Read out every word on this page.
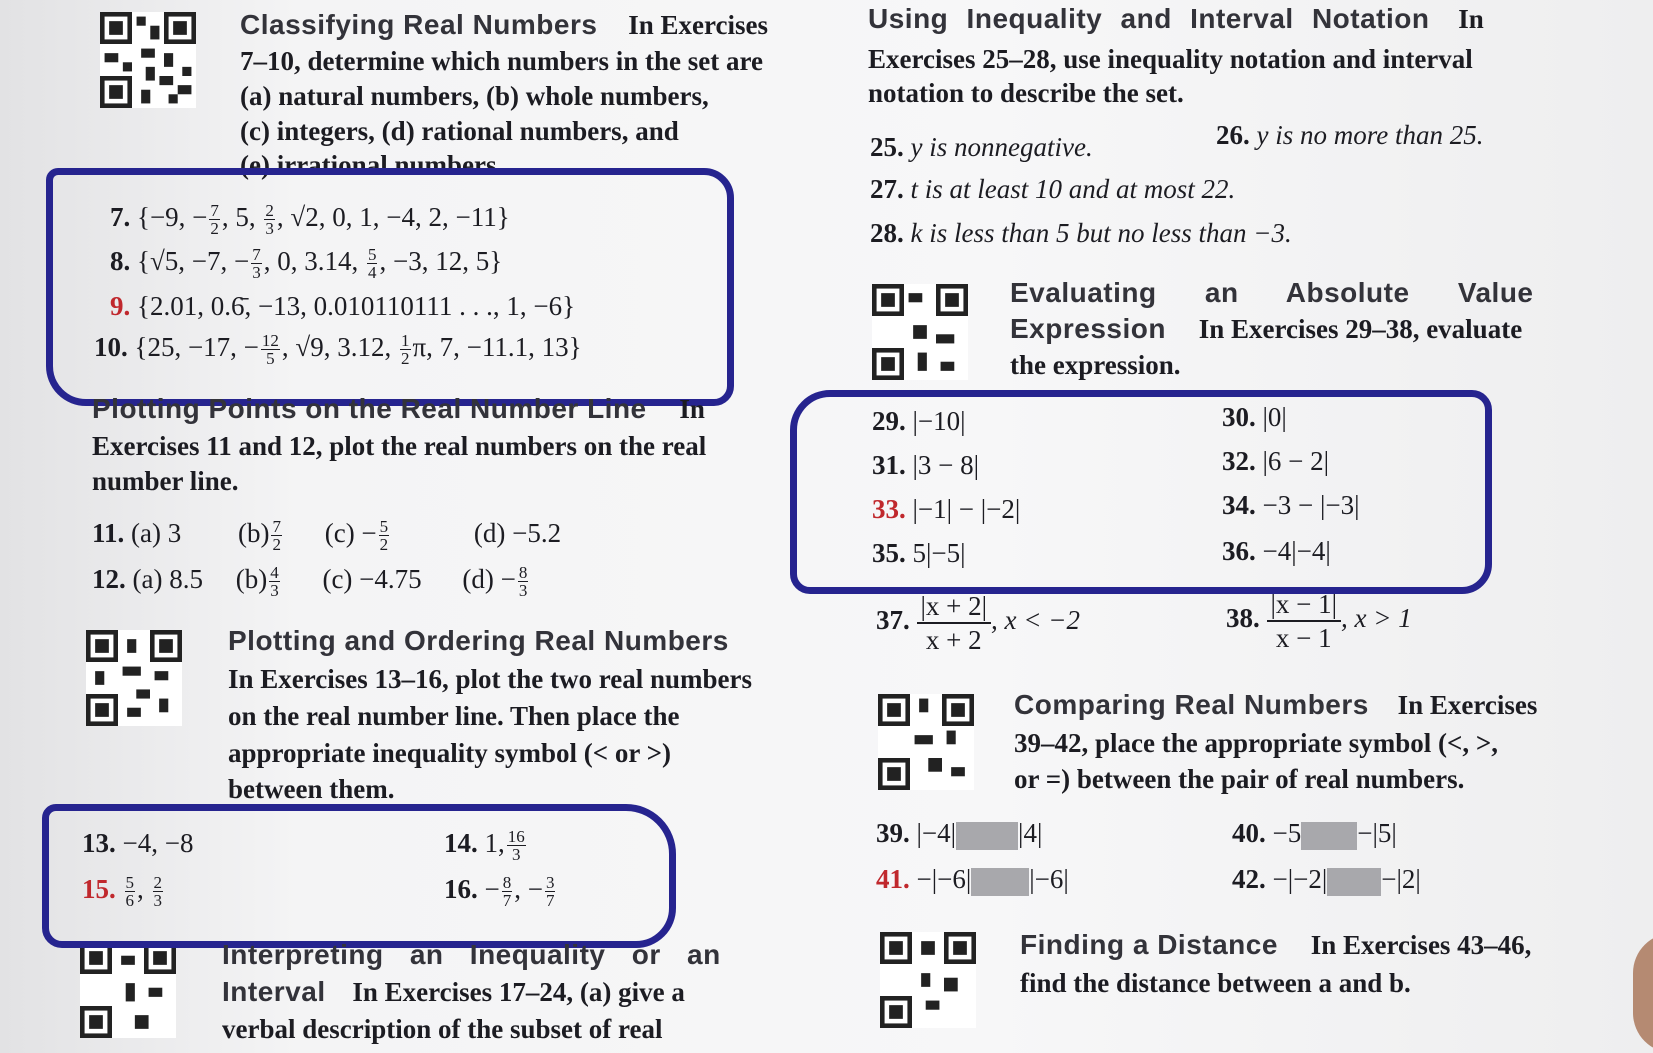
Classifying Real Numbers In Exercises
7–10, determine which numbers in the set are
(a) natural numbers, (b) whole numbers,
(c) integers, (d) rational numbers, and
(e) irrational numbers.
7. {−9, − $\frac{7}{2}$ , 5, $\frac{2}{3}$ , √2, 0, 1, −4, 2, −11}
8. {√5, −7, − $\frac{7}{3}$ , 0, 3.14, $\frac{5}{4}$ , −3, 12, 5}
9. {2.01, 0.6̄, −13, 0.010110111 . . ., 1, −6}
10. {25, −17, − $\frac{12}{5}$ , √9, 3.12, $\frac{1}{2} \pi$, 7, −11.1, 13}
Plotting Points on the Real Number Line In
Exercises 11 and 12, plot the real numbers on the real
number line.
11. (a) 3 $(b) \frac{7}{2} (c) - \frac{5}{2}$	(d) −5.2
12. (a) 8.5 $(b) \frac{4}{3} (c) -4.75$ $(d) - \frac{8}{3}$
Plotting and Ordering Real Numbers
In Exercises 13–16, plot the two real numbers
on the real number line. Then place the
appropriate inequality symbol (< or >)
between them.
13. −4, −8	14. 1, $\frac{16}{3}$
15. $\frac{5}{6}$ , $\frac{2}{3}$	16. − $\frac{8}{7}$ , − $\frac{3}{7}$
Interpreting an Inequality or an
Interval In Exercises 17–24, (a) give a
verbal description of the subset of real
Using Inequality and Interval Notation In
Exercises 25–28, use inequality notation and interval
notation to describe the set.
25. y is nonnegative.	26. y is no more than 25.
27. t is at least 10 and at most 22.
28. k is less than 5 but no less than −3.
Evaluating an Absolute Value
Expression In Exercises 29–38, evaluate
the expression.
29. |−10|	30. |0|
31. |3 − 8|	32. |6 − 2|
33. |−1| − |−2|	34. −3 − |−3|
35. 5|−5|	36. −4|−4|
37. $\frac{|x + 2|}{x + 2}$ , x < −2	38. $\frac{|x - 1|}{x - 1}$ , x > 1
Comparing Real Numbers In Exercises
39–42, place the appropriate symbol (<, >,
or =) between the pair of real numbers.
39. |−4| |4|	40. −5 −|5|
41. −|−6| |−6|	42. −|−2| −|2|
Finding a Distance In Exercises 43–46,
find the distance between a and b.
